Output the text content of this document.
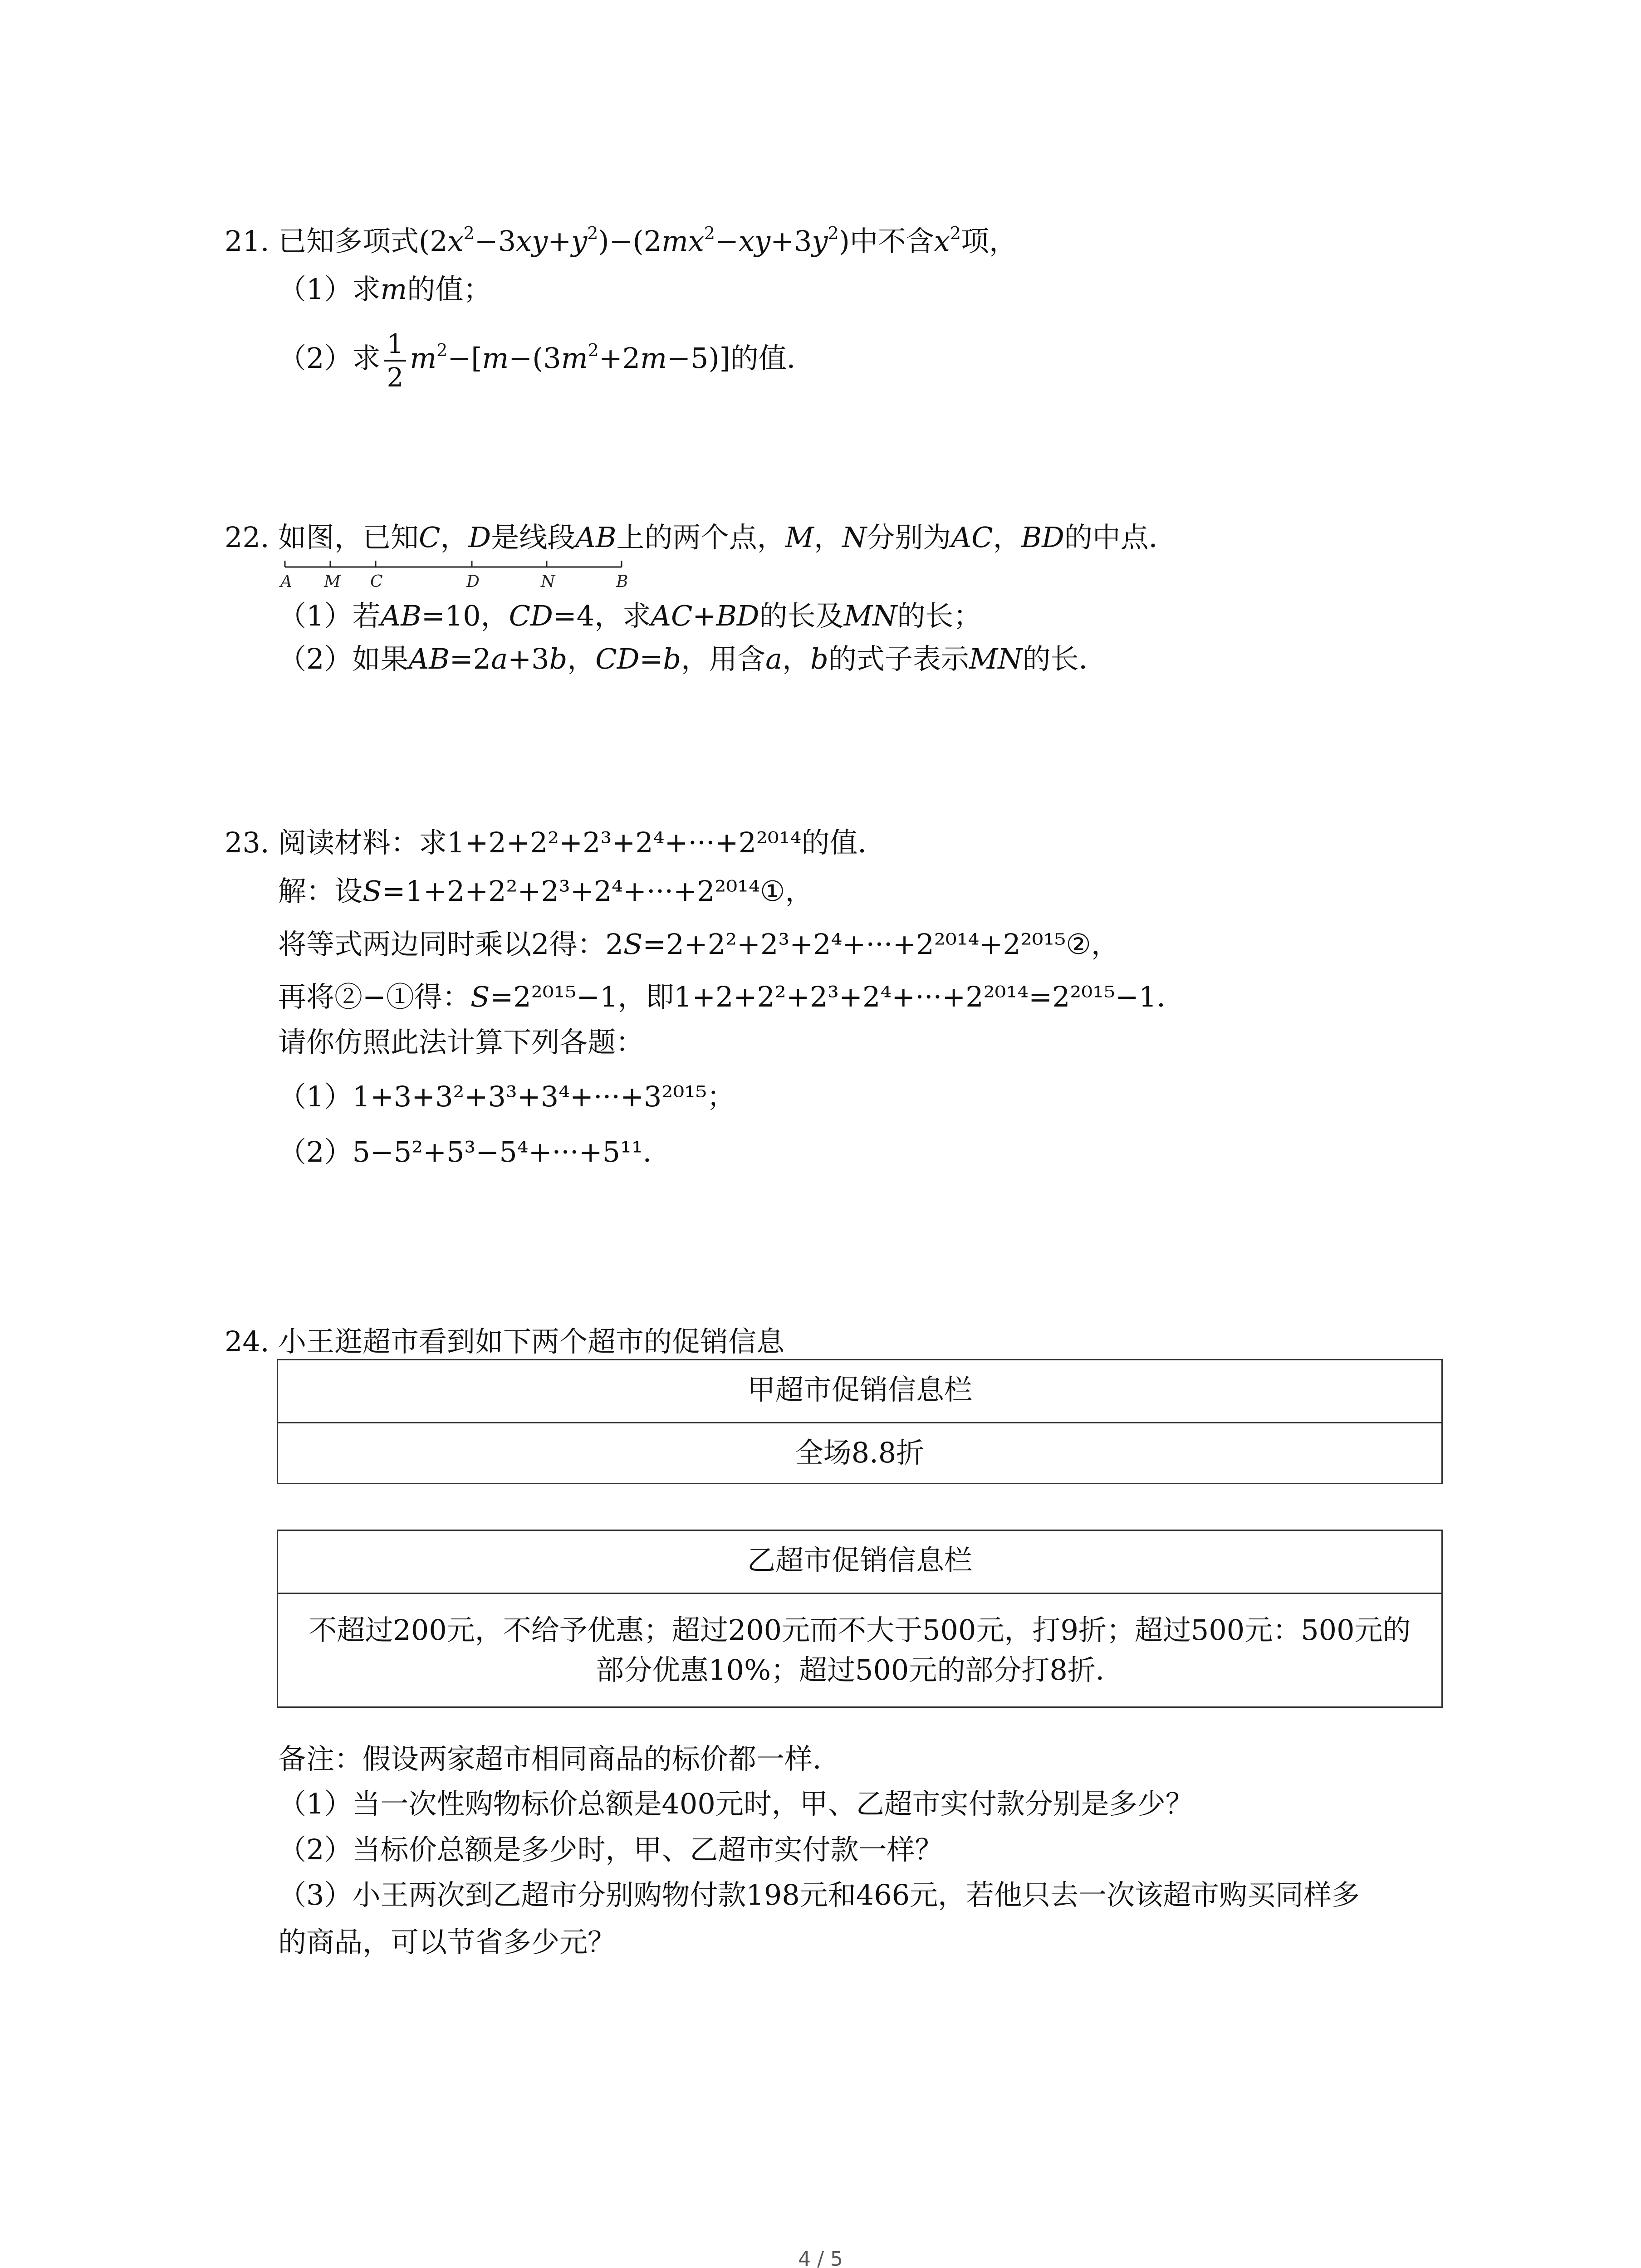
21. 已知多项式$(2x^2-3xy+y^2)-(2mx^2-xy+3y^2)$中不含$x^2$项，
（1）求m的值；
（2）求 $\frac{1}{2} m^2-[m-(3m^2+2m-5)]$的值．
22. 如图，已知C，D是线段AB上的两个点，M，N分别为AC，BD的中点．
A M C	D	N	B
（1）若AB=10，CD=4，求AC+BD的长及MN的长；
（2）如果AB=2a+3b，CD=b，用含a，b的式子表示MN的长．
23. 阅读材料：求1+2+2²+2³+2⁴+···+2²⁰¹⁴的值．
解：设S=1+2+2²+2³+2⁴+···+2²⁰¹⁴①，
将等式两边同时乘以2得：2S=2+2²+2³+2⁴+···+2²⁰¹⁴+2²⁰¹⁵②，
再将②−①得：S=2²⁰¹⁵−1，即1+2+2²+2³+2⁴+···+2²⁰¹⁴=2²⁰¹⁵−1．
请你仿照此法计算下列各题：
（1）1+3+3²+3³+3⁴+···+3²⁰¹⁵；
（2）5−5²+5³−5⁴+···+5¹¹．
24. 小王逛超市看到如下两个超市的促销信息
甲超市促销信息栏
全场8.8折
乙超市促销信息栏
不超过200元，不给予优惠；超过200元而不大于500元，打9折；超过500元：500元的
部分优惠10%；超过500元的部分打8折．
备注：假设两家超市相同商品的标价都一样．
（1）当一次性购物标价总额是400元时，甲、乙超市实付款分别是多少？
（2）当标价总额是多少时，甲、乙超市实付款一样？
（3）小王两次到乙超市分别购物付款198元和466元，若他只去一次该超市购买同样多
的商品，可以节省多少元？
4 / 5
